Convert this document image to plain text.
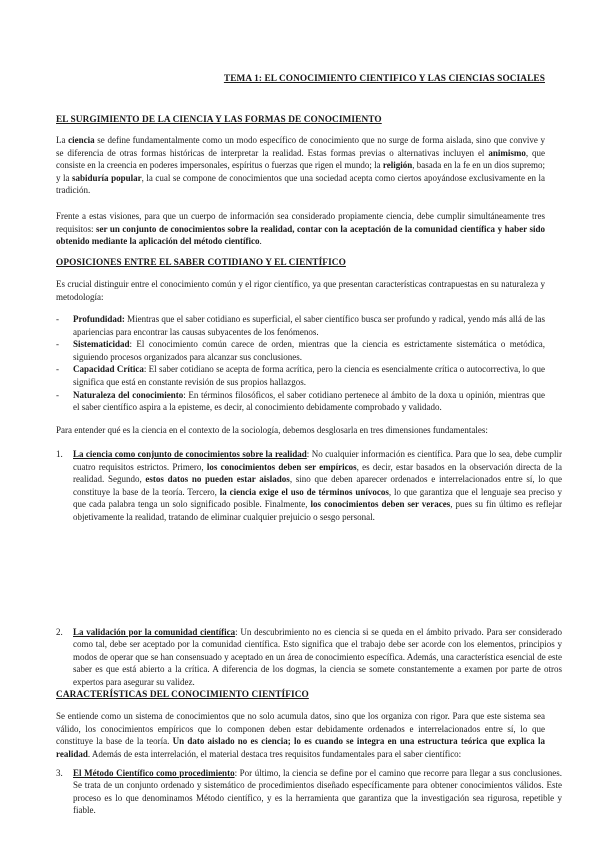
TEMA 1: EL CONOCIMIENTO CIENTIFICO Y LAS CIENCIAS SOCIALES
EL SURGIMIENTO DE LA CIENCIA Y LAS FORMAS DE CONOCIMIENTO

La ciencia se define fundamentalmente como un modo específico de conocimiento que no surge de forma aislada, sino que convive y se diferencia de otras formas históricas de interpretar la realidad. Estas formas previas o alternativas incluyen el animismo, que consiste en la creencia en poderes impersonales, espíritus o fuerzas que rigen el mundo; la religión, basada en la fe en un dios supremo; y la sabiduría popular, la cual se compone de conocimientos que una sociedad acepta como ciertos apoyándose exclusivamente en la tradición.

Frente a estas visiones, para que un cuerpo de información sea considerado propiamente ciencia, debe cumplir simultáneamente tres requisitos: ser un conjunto de conocimientos sobre la realidad, contar con la aceptación de la comunidad científica y haber sido obtenido mediante la aplicación del método científico.

OPOSICIONES ENTRE EL SABER COTIDIANO Y EL CIENTÍFICO

Es crucial distinguir entre el conocimiento común y el rigor científico, ya que presentan características contrapuestas en su naturaleza y metodología:

- Profundidad: Mientras que el saber cotidiano es superficial, el saber científico busca ser profundo y radical, yendo más allá de las apariencias para encontrar las causas subyacentes de los fenómenos.
- Sistematicidad: El conocimiento común carece de orden, mientras que la ciencia es estrictamente sistemática o metódica, siguiendo procesos organizados para alcanzar sus conclusiones.
- Capacidad Crítica: El saber cotidiano se acepta de forma acrítica, pero la ciencia es esencialmente crítica o autocorrectiva, lo que significa que está en constante revisión de sus propios hallazgos.
- Naturaleza del conocimiento: En términos filosóficos, el saber cotidiano pertenece al ámbito de la doxa u opinión, mientras que el saber científico aspira a la episteme, es decir, al conocimiento debidamente comprobado y validado.

Para entender qué es la ciencia en el contexto de la sociología, debemos desglosarla en tres dimensiones fundamentales:

1. La ciencia como conjunto de conocimientos sobre la realidad: No cualquier información es científica. Para que lo sea, debe cumplir cuatro requisitos estrictos. Primero, los conocimientos deben ser empíricos, es decir, estar basados en la observación directa de la realidad. Segundo, estos datos no pueden estar aislados, sino que deben aparecer ordenados e interrelacionados entre sí, lo que constituye la base de la teoría. Tercero, la ciencia exige el uso de términos unívocos, lo que garantiza que el lenguaje sea preciso y que cada palabra tenga un solo significado posible. Finalmente, los conocimientos deben ser veraces, pues su fin último es reflejar objetivamente la realidad, tratando de eliminar cualquier prejuicio o sesgo personal.
2. La validación por la comunidad científica: Un descubrimiento no es ciencia si se queda en el ámbito privado. Para ser considerado como tal, debe ser aceptado por la comunidad científica. Esto significa que el trabajo debe ser acorde con los elementos, principios y modos de operar que se han consensuado y aceptado en un área de conocimiento específica. Además, una característica esencial de este saber es que está abierto a la crítica. A diferencia de los dogmas, la ciencia se somete constantemente a examen por parte de otros expertos para asegurar su validez.
3. El Método Científico como procedimiento: Por último, la ciencia se define por el camino que recorre para llegar a sus conclusiones. Se trata de un conjunto ordenado y sistemático de procedimientos diseñado específicamente para obtener conocimientos válidos. Este proceso es lo que denominamos Método científico, y es la herramienta que garantiza que la investigación sea rigurosa, repetible y fiable.
CARACTERÍSTICAS DEL CONOCIMIENTO CIENTÍFICO

Se entiende como un sistema de conocimientos que no solo acumula datos, sino que los organiza con rigor. Para que este sistema sea válido, los conocimientos empíricos que lo componen deben estar debidamente ordenados e interrelacionados entre sí, lo que constituye la base de la teoría. Un dato aislado no es ciencia; lo es cuando se integra en una estructura teórica que explica la realidad. Además de esta interrelación, el material destaca tres requisitos fundamentales para el saber científico:
